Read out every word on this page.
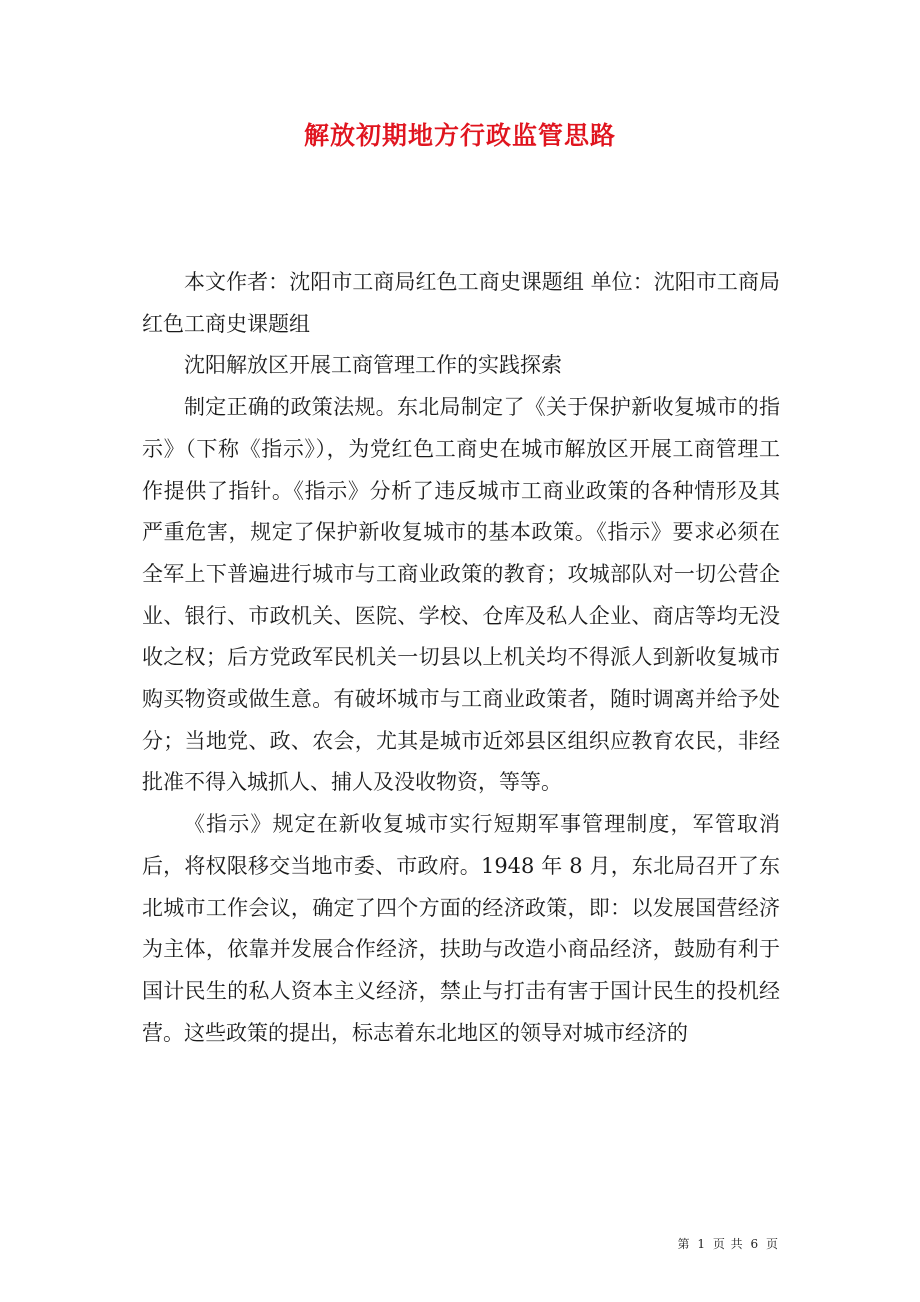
解放初期地方行政监管思路

本文作者：沈阳市工商局红色工商史课题组 单位：沈阳市工商局红色工商史课题组

沈阳解放区开展工商管理工作的实践探索

制定正确的政策法规。东北局制定了《关于保护新收复城市的指示》（下称《指示》），为党红色工商史在城市解放区开展工商管理工作提供了指针。《指示》分析了违反城市工商业政策的各种情形及其严重危害，规定了保护新收复城市的基本政策。《指示》要求必须在全军上下普遍进行城市与工商业政策的教育；攻城部队对一切公营企业、银行、市政机关、医院、学校、仓库及私人企业、商店等均无没收之权；后方党政军民机关一切县以上机关均不得派人到新收复城市购买物资或做生意。有破坏城市与工商业政策者，随时调离并给予处分；当地党、政、农会，尤其是城市近郊县区组织应教育农民，非经批准不得入城抓人、捕人及没收物资，等等。

《指示》规定在新收复城市实行短期军事管理制度，军管取消后，将权限移交当地市委、市政府。1948 年 8 月，东北局召开了东北城市工作会议，确定了四个方面的经济政策，即：以发展国营经济为主体，依靠并发展合作经济，扶助与改造小商品经济，鼓励有利于国计民生的私人资本主义经济，禁止与打击有害于国计民生的投机经营。这些政策的提出，标志着东北地区的领导对城市经济的

第 1 页 共 6 页
